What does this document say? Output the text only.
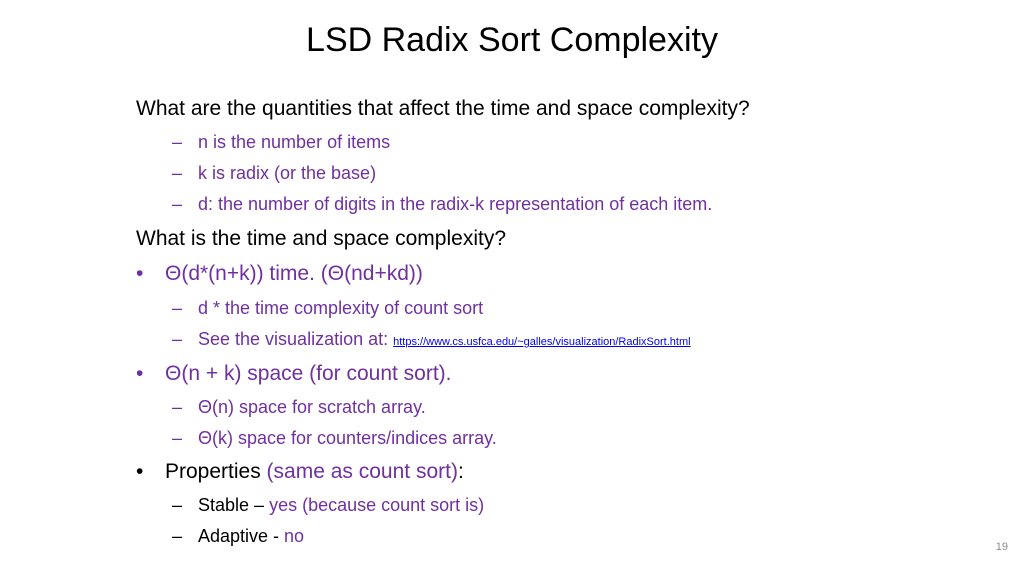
LSD Radix Sort Complexity
What are the quantities that affect the time and space complexity?
– n is the number of items
– k is radix (or the base)
– d: the number of digits in the radix-k representation of each item.
What is the time and space complexity?
• Θ(d*(n+k)) time. (Θ(nd+kd))
– d * the time complexity of count sort
– See the visualization at: https://www.cs.usfca.edu/~galles/visualization/RadixSort.html
• Θ(n + k) space (for count sort).
– Θ(n) space for scratch array.
– Θ(k) space for counters/indices array.
• Properties (same as count sort):
– Stable – yes (because count sort is)
– Adaptive - no
19
